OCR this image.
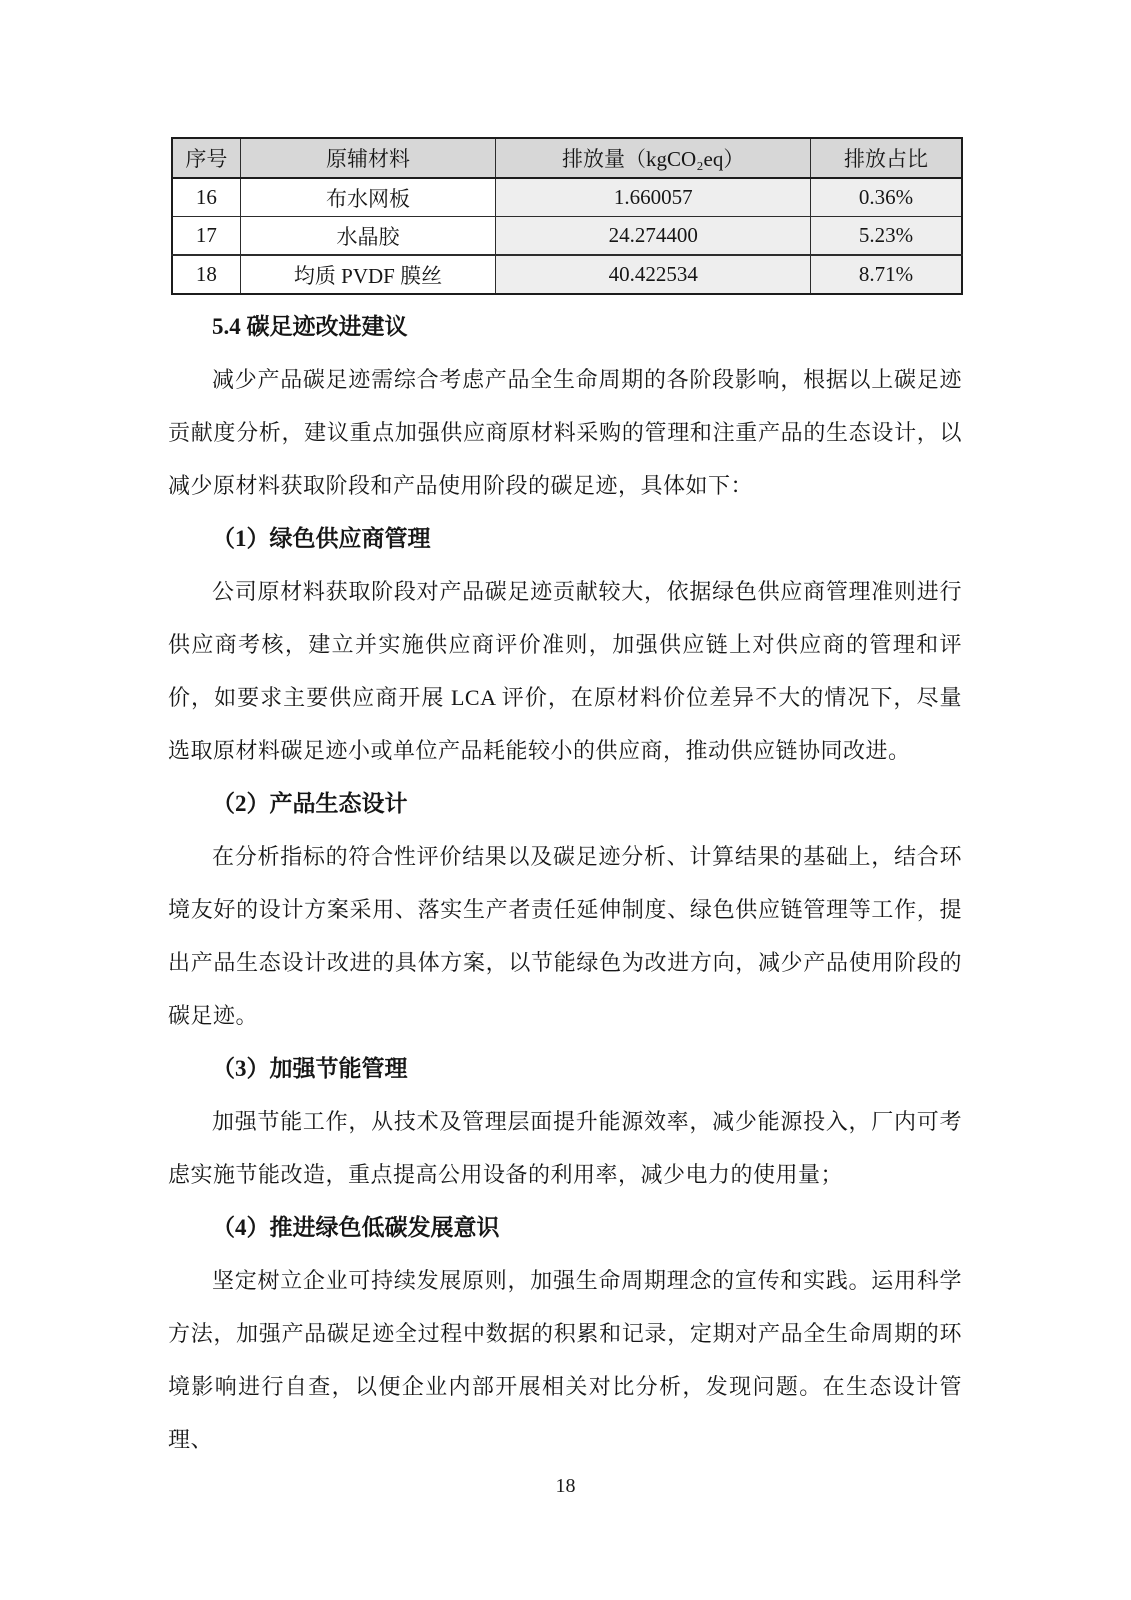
序号	原辅材料	排放量（kgCO₂eq）	排放占比
16	布水网板	1.660057	0.36%
17	水晶胶	24.274400	5.23%
18	均质 PVDF 膜丝	40.422534	8.71%
5.4 碳足迹改进建议

减少产品碳足迹需综合考虑产品全生命周期的各阶段影响，根据以上碳足迹贡献度分析，建议重点加强供应商原材料采购的管理和注重产品的生态设计，以减少原材料获取阶段和产品使用阶段的碳足迹，具体如下：

（1）绿色供应商管理

公司原材料获取阶段对产品碳足迹贡献较大，依据绿色供应商管理准则进行供应商考核，建立并实施供应商评价准则，加强供应链上对供应商的管理和评价，如要求主要供应商开展 LCA 评价，在原材料价位差异不大的情况下，尽量选取原材料碳足迹小或单位产品耗能较小的供应商，推动供应链协同改进。

（2）产品生态设计

在分析指标的符合性评价结果以及碳足迹分析、计算结果的基础上，结合环境友好的设计方案采用、落实生产者责任延伸制度、绿色供应链管理等工作，提出产品生态设计改进的具体方案，以节能绿色为改进方向，减少产品使用阶段的碳足迹。

（3）加强节能管理

加强节能工作，从技术及管理层面提升能源效率，减少能源投入，厂内可考虑实施节能改造，重点提高公用设备的利用率，减少电力的使用量；

（4）推进绿色低碳发展意识

坚定树立企业可持续发展原则，加强生命周期理念的宣传和实践。运用科学方法，加强产品碳足迹全过程中数据的积累和记录，定期对产品全生命周期的环境影响进行自查，以便企业内部开展相关对比分析，发现问题。在生态设计管理、

18
